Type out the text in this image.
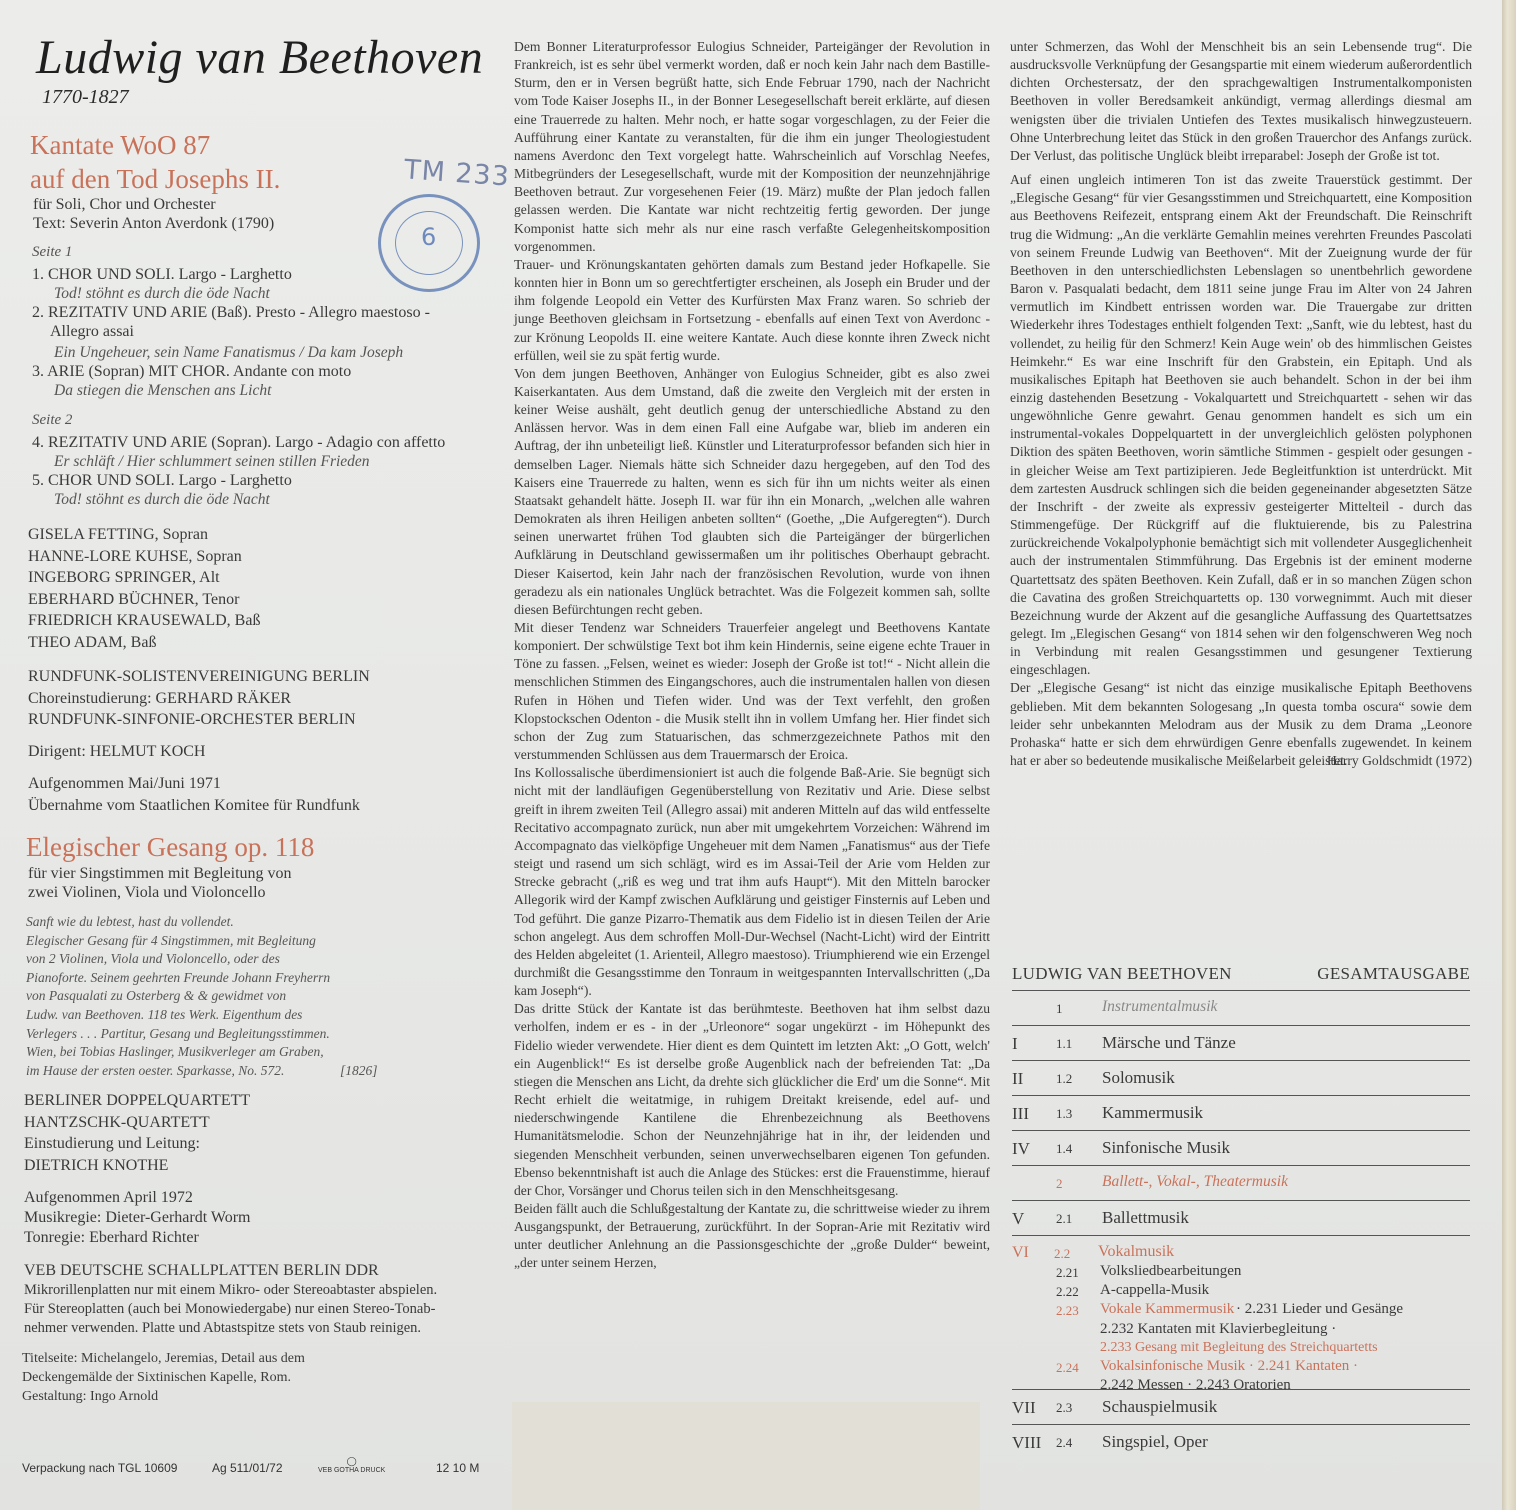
Ludwig van Beethoven
1770-1827
Kantate WoO 87
auf den Tod Josephs II.
für Soli, Chor und Orchester
Text: Severin Anton Averdonk (1790)
TM 233
6
Seite 1
1. CHOR UND SOLI. Largo - Larghetto
Tod! stöhnt es durch die öde Nacht
2. REZITATIV UND ARIE (Baß). Presto - Allegro maestoso -
Allegro assai
Ein Ungeheuer, sein Name Fanatismus / Da kam Joseph
3. ARIE (Sopran) MIT CHOR. Andante con moto
Da stiegen die Menschen ans Licht
Seite 2
4. REZITATIV UND ARIE (Sopran). Largo - Adagio con affetto
Er schläft / Hier schlummert seinen stillen Frieden
5. CHOR UND SOLI. Largo - Larghetto
Tod! stöhnt es durch die öde Nacht
GISELA FETTING, Sopran
HANNE-LORE KUHSE, Sopran
INGEBORG SPRINGER, Alt
EBERHARD BÜCHNER, Tenor
FRIEDRICH KRAUSEWALD, Baß
THEO ADAM, Baß
RUNDFUNK-SOLISTENVEREINIGUNG BERLIN
Choreinstudierung: GERHARD RÄKER
RUNDFUNK-SINFONIE-ORCHESTER BERLIN
Dirigent: HELMUT KOCH
Aufgenommen Mai/Juni 1971
Übernahme vom Staatlichen Komitee für Rundfunk
Elegischer Gesang op. 118
für vier Singstimmen mit Begleitung von
zwei Violinen, Viola und Violoncello
Sanft wie du lebtest, hast du vollendet.
Elegischer Gesang für 4 Singstimmen, mit Begleitung
von 2 Violinen, Viola und Violoncello, oder des
Pianoforte. Seinem geehrten Freunde Johann Freyherrn
von Pasqualati zu Osterberg & & gewidmet von
Ludw. van Beethoven. 118 tes Werk. Eigenthum des
Verlegers . . . Partitur, Gesang und Begleitungsstimmen.
Wien, bei Tobias Haslinger, Musikverleger am Graben,
im Hause der ersten oester. Sparkasse, No. 572.	[1826]
BERLINER DOPPELQUARTETT
HANTZSCHK-QUARTETT
Einstudierung und Leitung:
DIETRICH KNOTHE
Aufgenommen April 1972
Musikregie: Dieter-Gerhardt Worm
Tonregie: Eberhard Richter
VEB DEUTSCHE SCHALLPLATTEN BERLIN DDR
Mikrorillenplatten nur mit einem Mikro- oder Stereoabtaster abspielen.
Für Stereoplatten (auch bei Monowiedergabe) nur einen Stereo-Tonab-
nehmer verwenden. Platte und Abtastspitze stets von Staub reinigen.
Titelseite: Michelangelo, Jeremias, Detail aus dem
Deckengemälde der Sixtinischen Kapelle, Rom.
Gestaltung: Ingo Arnold
Verpackung nach TGL 10609	Ag 511/01/72	◯
VEB GOTHA DRUCK	12 10 M

Dem Bonner Literaturprofessor Eulogius Schneider, Parteigänger der Revolution in Frankreich, ist es sehr übel vermerkt worden, daß er noch kein Jahr nach dem Bastille-Sturm, den er in Versen begrüßt hatte, sich Ende Februar 1790, nach der Nachricht vom Tode Kaiser Josephs II., in der Bonner Lesegesellschaft bereit erklärte, auf diesen eine Trauerrede zu halten. Mehr noch, er hatte sogar vorgeschlagen, zu der Feier die Aufführung einer Kantate zu veranstalten, für die ihm ein junger Theologiestudent namens Averdonc den Text vorgelegt hatte. Wahrscheinlich auf Vorschlag Neefes, Mitbegründers der Lesegesellschaft, wurde mit der Komposition der neunzehnjährige Beethoven betraut. Zur vorgesehenen Feier (19. März) mußte der Plan jedoch fallen gelassen werden. Die Kantate war nicht rechtzeitig fertig geworden. Der junge Komponist hatte sich mehr als nur eine rasch verfaßte Gelegenheitskomposition vorgenommen.

Trauer- und Krönungskantaten gehörten damals zum Bestand jeder Hofkapelle. Sie konnten hier in Bonn um so gerechtfertigter erscheinen, als Joseph ein Bruder und der ihm folgende Leopold ein Vetter des Kurfürsten Max Franz waren. So schrieb der junge Beethoven gleichsam in Fortsetzung - ebenfalls auf einen Text von Averdonc - zur Krönung Leopolds II. eine weitere Kantate. Auch diese konnte ihren Zweck nicht erfüllen, weil sie zu spät fertig wurde.

Von dem jungen Beethoven, Anhänger von Eulogius Schneider, gibt es also zwei Kaiserkantaten. Aus dem Umstand, daß die zweite den Vergleich mit der ersten in keiner Weise aushält, geht deutlich genug der unterschiedliche Abstand zu den Anlässen hervor. Was in dem einen Fall eine Aufgabe war, blieb im anderen ein Auftrag, der ihn unbeteiligt ließ. Künstler und Literaturprofessor befanden sich hier in demselben Lager. Niemals hätte sich Schneider dazu hergegeben, auf den Tod des Kaisers eine Trauerrede zu halten, wenn es sich für ihn um nichts weiter als einen Staatsakt gehandelt hätte. Joseph II. war für ihn ein Monarch, „welchen alle wahren Demokraten als ihren Heiligen anbeten sollten“ (Goethe, „Die Aufgeregten“). Durch seinen unerwartet frühen Tod glaubten sich die Parteigänger der bürgerlichen Aufklärung in Deutschland gewissermaßen um ihr politisches Oberhaupt gebracht. Dieser Kaisertod, kein Jahr nach der französischen Revolution, wurde von ihnen geradezu als ein nationales Unglück betrachtet. Was die Folgezeit kommen sah, sollte diesen Befürchtungen recht geben.

Mit dieser Tendenz war Schneiders Trauerfeier angelegt und Beethovens Kantate komponiert. Der schwülstige Text bot ihm kein Hindernis, seine eigene echte Trauer in Töne zu fassen. „Felsen, weinet es wieder: Joseph der Große ist tot!“ - Nicht allein die menschlichen Stimmen des Eingangschores, auch die instrumentalen hallen von diesen Rufen in Höhen und Tiefen wider. Und was der Text verfehlt, den großen Klopstockschen Odenton - die Musik stellt ihn in vollem Umfang her. Hier findet sich schon der Zug zum Statuarischen, das schmerzgezeichnete Pathos mit den verstummenden Schlüssen aus dem Trauermarsch der Eroica.

Ins Kollossalische überdimensioniert ist auch die folgende Baß-Arie. Sie begnügt sich nicht mit der landläufigen Gegenüberstellung von Rezitativ und Arie. Diese selbst greift in ihrem zweiten Teil (Allegro assai) mit anderen Mitteln auf das wild entfesselte Recitativo accompagnato zurück, nun aber mit umgekehrtem Vorzeichen: Während im Accompagnato das vielköpfige Ungeheuer mit dem Namen „Fanatismus“ aus der Tiefe steigt und rasend um sich schlägt, wird es im Assai-Teil der Arie vom Helden zur Strecke gebracht („riß es weg und trat ihm aufs Haupt“). Mit den Mitteln barocker Allegorik wird der Kampf zwischen Aufklärung und geistiger Finsternis auf Leben und Tod geführt. Die ganze Pizarro-Thematik aus dem Fidelio ist in diesen Teilen der Arie schon angelegt. Aus dem schroffen Moll-Dur-Wechsel (Nacht-Licht) wird der Eintritt des Helden abgeleitet (1. Arienteil, Allegro maestoso). Triumphierend wie ein Erzengel durchmißt die Gesangsstimme den Tonraum in weitgespannten Intervallschritten („Da kam Joseph“).

Das dritte Stück der Kantate ist das berühmteste. Beethoven hat ihm selbst dazu verholfen, indem er es - in der „Urleonore“ sogar ungekürzt - im Höhepunkt des Fidelio wieder verwendete. Hier dient es dem Quintett im letzten Akt: „O Gott, welch' ein Augenblick!“ Es ist derselbe große Augenblick nach der befreienden Tat: „Da stiegen die Menschen ans Licht, da drehte sich glücklicher die Erd' um die Sonne“. Mit Recht erhielt die weitatmige, in ruhigem Dreitakt kreisende, edel auf- und niederschwingende Kantilene die Ehrenbezeichnung als Beethovens Humanitätsmelodie. Schon der Neunzehnjährige hat in ihr, der leidenden und siegenden Menschheit verbunden, seinen unverwechselbaren eigenen Ton gefunden. Ebenso bekenntnishaft ist auch die Anlage des Stückes: erst die Frauenstimme, hierauf der Chor, Vorsänger und Chorus teilen sich in den Menschheitsgesang.

Beiden fällt auch die Schlußgestaltung der Kantate zu, die schrittweise wieder zu ihrem Ausgangspunkt, der Betrauerung, zurückführt. In der Sopran-Arie mit Rezitativ wird unter deutlicher Anlehnung an die Passionsgeschichte der „große Dulder“ beweint, „der unter seinem Herzen,

unter Schmerzen, das Wohl der Menschheit bis an sein Lebensende trug“. Die ausdrucksvolle Verknüpfung der Gesangspartie mit einem wiederum außerordentlich dichten Orchestersatz, der den sprachgewaltigen Instrumentalkomponisten Beethoven in voller Beredsamkeit ankündigt, vermag allerdings diesmal am wenigsten über die trivialen Untiefen des Textes musikalisch hinwegzusteuern. Ohne Unterbrechung leitet das Stück in den großen Trauerchor des Anfangs zurück. Der Verlust, das politische Unglück bleibt irreparabel: Joseph der Große ist tot.

Auf einen ungleich intimeren Ton ist das zweite Trauerstück gestimmt. Der „Elegische Gesang“ für vier Gesangsstimmen und Streichquartett, eine Komposition aus Beethovens Reifezeit, entsprang einem Akt der Freundschaft. Die Reinschrift trug die Widmung: „An die verklärte Gemahlin meines verehrten Freundes Pascolati von seinem Freunde Ludwig van Beethoven“. Mit der Zueignung wurde der für Beethoven in den unterschiedlichsten Lebenslagen so unentbehrlich gewordene Baron v. Pasqualati bedacht, dem 1811 seine junge Frau im Alter von 24 Jahren vermutlich im Kindbett entrissen worden war. Die Trauergabe zur dritten Wiederkehr ihres Todestages enthielt folgenden Text: „Sanft, wie du lebtest, hast du vollendet, zu heilig für den Schmerz! Kein Auge wein' ob des himmlischen Geistes Heimkehr.“ Es war eine Inschrift für den Grabstein, ein Epitaph. Und als musikalisches Epitaph hat Beethoven sie auch behandelt. Schon in der bei ihm einzig dastehenden Besetzung - Vokalquartett und Streichquartett - sehen wir das ungewöhnliche Genre gewahrt. Genau genommen handelt es sich um ein instrumental-vokales Doppelquartett in der unvergleichlich gelösten polyphonen Diktion des späten Beethoven, worin sämtliche Stimmen - gespielt oder gesungen - in gleicher Weise am Text partizipieren. Jede Begleitfunktion ist unterdrückt. Mit dem zartesten Ausdruck schlingen sich die beiden gegeneinander abgesetzten Sätze der Inschrift - der zweite als expressiv gesteigerter Mittelteil - durch das Stimmengefüge. Der Rückgriff auf die fluktuierende, bis zu Palestrina zurückreichende Vokalpolyphonie bemächtigt sich mit vollendeter Ausgeglichenheit auch der instrumentalen Stimmführung. Das Ergebnis ist der eminent moderne Quartettsatz des späten Beethoven. Kein Zufall, daß er in so manchen Zügen schon die Cavatina des großen Streichquartetts op. 130 vorwegnimmt. Auch mit dieser Bezeichnung wurde der Akzent auf die gesangliche Auffassung des Quartettsatzes gelegt. Im „Elegischen Gesang“ von 1814 sehen wir den folgenschweren Weg noch in Verbindung mit realen Gesangsstimmen und gesungener Textierung eingeschlagen.

Der „Elegische Gesang“ ist nicht das einzige musikalische Epitaph Beethovens geblieben. Mit dem bekannten Sologesang „In questa tomba oscura“ sowie dem leider sehr unbekannten Melodram aus der Musik zu dem Drama „Leonore Prohaska“ hatte er sich dem ehrwürdigen Genre ebenfalls zugewendet. In keinem hat er aber so bedeutende musikalische Meißelarbeit geleistet.

Harry Goldschmidt (1972)

LUDWIG VAN BEETHOVEN	GESAMTAUSGABE
1	Instrumentalmusik
I	1.1 Märsche und Tänze
II	1.2 Solomusik
III 1.3 Kammermusik
IV 1.4 Sinfonische Musik
2	Ballett-, Vokal-, Theatermusik
V 2.1 Ballettmusik
VI 2.2 Vokalmusik
2.21 Volksliedbearbeitungen
2.22 A-cappella-Musik
2.23 Vokale Kammermusik · 2.231 Lieder und Gesänge
2.232 Kantaten mit Klavierbegleitung ·
2.233 Gesang mit Begleitung des Streichquartetts
2.24 Vokalsinfonische Musik · 2.241 Kantaten ·
2.242 Messen · 2.243 Oratorien
VII 2.3 Schauspielmusik
VIII 2.4 Singspiel, Oper
